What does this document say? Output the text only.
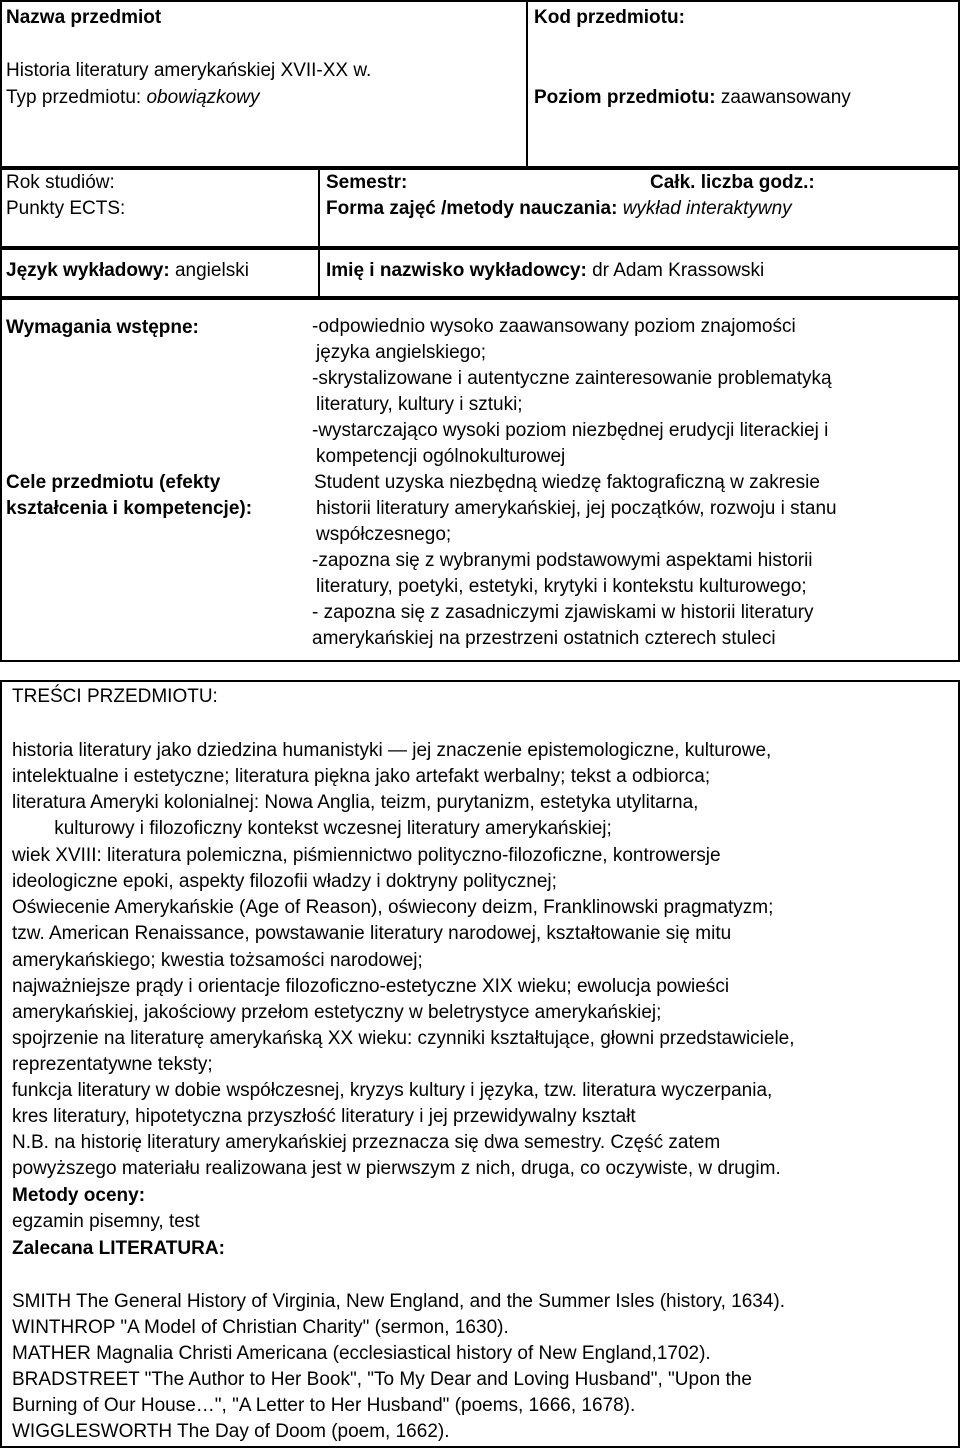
Nazwa przedmiot
Historia literatury amerykańskiej XVII-XX w.
Typ przedmiotu: obowiązkowy
Kod przedmiotu:
Poziom przedmiotu: zaawansowany
Rok studiów:
Punkty ECTS:
Semestr:	Całk. liczba godz.:
Forma zajęć /metody nauczania: wykład interaktywny
Język wykładowy: angielski	Imię i nazwisko wykładowcy: dr Adam Krassowski
Wymagania wstępne:	-odpowiednio wysoko zaawansowany poziom znajomości
języka angielskiego;
-skrystalizowane i autentyczne zainteresowanie problematyką
literatury, kultury i sztuki;
-wystarczająco wysoki poziom niezbędnej erudycji literackiej i
kompetencji ogólnokulturowej
Cele przedmiotu (efekty
kształcenia i kompetencje):
Student uzyska niezbędną wiedzę faktograficzną w zakresie
historii literatury amerykańskiej, jej początków, rozwoju i stanu
współczesnego;
-zapozna się z wybranymi podstawowymi aspektami historii
literatury, poetyki, estetyki, krytyki i kontekstu kulturowego;
- zapozna się z zasadniczymi zjawiskami w historii literatury
amerykańskiej na przestrzeni ostatnich czterech stuleci
TREŚCI PRZEDMIOTU:
historia literatury jako dziedzina humanistyki — jej znaczenie epistemologiczne, kulturowe,
intelektualne i estetyczne; literatura piękna jako artefakt werbalny; tekst a odbiorca;
literatura Ameryki kolonialnej: Nowa Anglia, teizm, purytanizm, estetyka utylitarna,
kulturowy i filozoficzny kontekst wczesnej literatury amerykańskiej;
wiek XVIII: literatura polemiczna, piśmiennictwo polityczno-filozoficzne, kontrowersje
ideologiczne epoki, aspekty filozofii władzy i doktryny politycznej;
Oświecenie Amerykańskie (Age of Reason), oświecony deizm, Franklinowski pragmatyzm;
tzw. American Renaissance, powstawanie literatury narodowej, kształtowanie się mitu
amerykańskiego; kwestia tożsamości narodowej;
najważniejsze prądy i orientacje filozoficzno-estetyczne XIX wieku; ewolucja powieści
amerykańskiej, jakościowy przełom estetyczny w beletrystyce amerykańskiej;
spojrzenie na literaturę amerykańską XX wieku: czynniki kształtujące, głowni przedstawiciele,
reprezentatywne teksty;
funkcja literatury w dobie współczesnej, kryzys kultury i języka, tzw. literatura wyczerpania,
kres literatury, hipotetyczna przyszłość literatury i jej przewidywalny kształt
N.B. na historię literatury amerykańskiej przeznacza się dwa semestry. Część zatem
powyższego materiału realizowana jest w pierwszym z nich, druga, co oczywiste, w drugim.
Metody oceny:
egzamin pisemny, test
Zalecana LITERATURA:
SMITH The General History of Virginia, New England, and the Summer Isles (history, 1634).
WINTHROP "A Model of Christian Charity" (sermon, 1630).
MATHER Magnalia Christi Americana (ecclesiastical history of New England,1702).
BRADSTREET "The Author to Her Book", "To My Dear and Loving Husband", "Upon the
Burning of Our House…", "A Letter to Her Husband" (poems, 1666, 1678).
WIGGLESWORTH The Day of Doom (poem, 1662).
